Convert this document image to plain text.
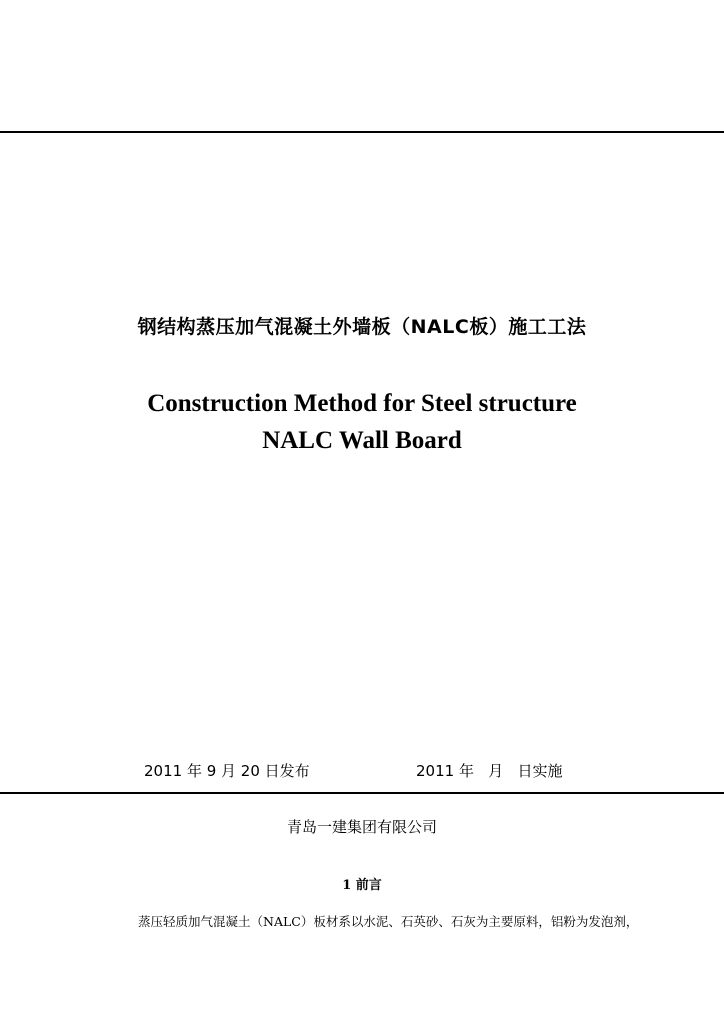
钢结构蒸压加气混凝土外墙板（NALC板）施工工法
Construction Method for Steel structure
NALC Wall Board
2011 年 9 月 20 日发布	2011 年   月   日实施
青岛一建集团有限公司
1 前言
蒸压轻质加气混凝土（NALC）板材系以水泥、石英砂、石灰为主要原料，铝粉为发泡剂，
